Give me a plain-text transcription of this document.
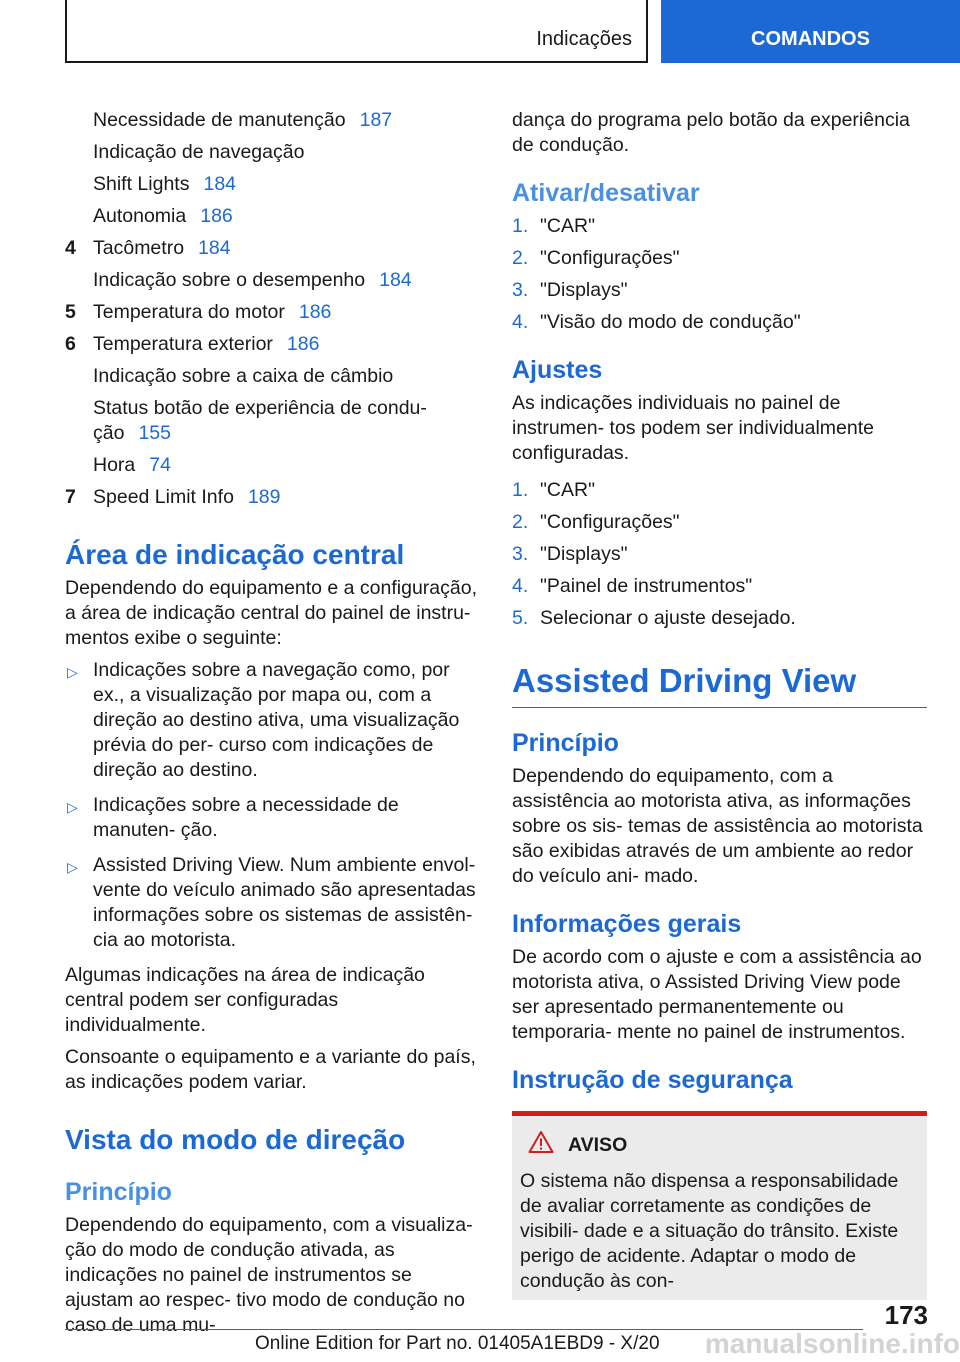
Indicações	COMANDOS
Necessidade de manutenção 187
Indicação de navegação
Shift Lights 184
Autonomia 186
4 Tacômetro 184
Indicação sobre o desempenho 184
5 Temperatura do motor 186
6 Temperatura exterior 186
Indicação sobre a caixa de câmbio
Status botão de experiência de condu‐ ção 155
Hora 74
7 Speed Limit Info 189
Área de indicação central
Dependendo do equipamento e a configuração, a área de indicação central do painel de instru‐ mentos exibe o seguinte:
▷ Indicações sobre a navegação como, por ex., a visualização por mapa ou, com a direção ao destino ativa, uma visualização prévia do per‐ curso com indicações de direção ao destino.
▷ Indicações sobre a necessidade de manuten‐ ção.
▷ Assisted Driving View. Num ambiente envol‐ vente do veículo animado são apresentadas informações sobre os sistemas de assistên‐ cia ao motorista.
Algumas indicações na área de indicação central podem ser configuradas individualmente.
Consoante o equipamento e a variante do país, as indicações podem variar.
Vista do modo de direção
Princípio
Dependendo do equipamento, com a visualiza‐ ção do modo de condução ativada, as indicações no painel de instrumentos se ajustam ao respec‐ tivo modo de condução no caso de uma mu‐
dança do programa pelo botão da experiência de condução.
Ativar/desativar
1. "CAR"
2. "Configurações"
3. "Displays"
4. "Visão do modo de condução"
Ajustes
As indicações individuais no painel de instrumen‐ tos podem ser individualmente configuradas.
1. "CAR"
2. "Configurações"
3. "Displays"
4. "Painel de instrumentos"
5. Selecionar o ajuste desejado.
Assisted Driving View
Princípio
Dependendo do equipamento, com a assistência ao motorista ativa, as informações sobre os sis‐ temas de assistência ao motorista são exibidas através de um ambiente ao redor do veículo ani‐ mado.
Informações gerais
De acordo com o ajuste e com a assistência ao motorista ativa, o Assisted Driving View pode ser apresentado permanentemente ou temporaria‐ mente no painel de instrumentos.
Instrução de segurança
AVISO
O sistema não dispensa a responsabilidade de avaliar corretamente as condições de visibili‐ dade e a situação do trânsito. Existe perigo de acidente. Adaptar o modo de condução às con‐
173
Online Edition for Part no. 01405A1EBD9 - X/20 manualsonline.info
